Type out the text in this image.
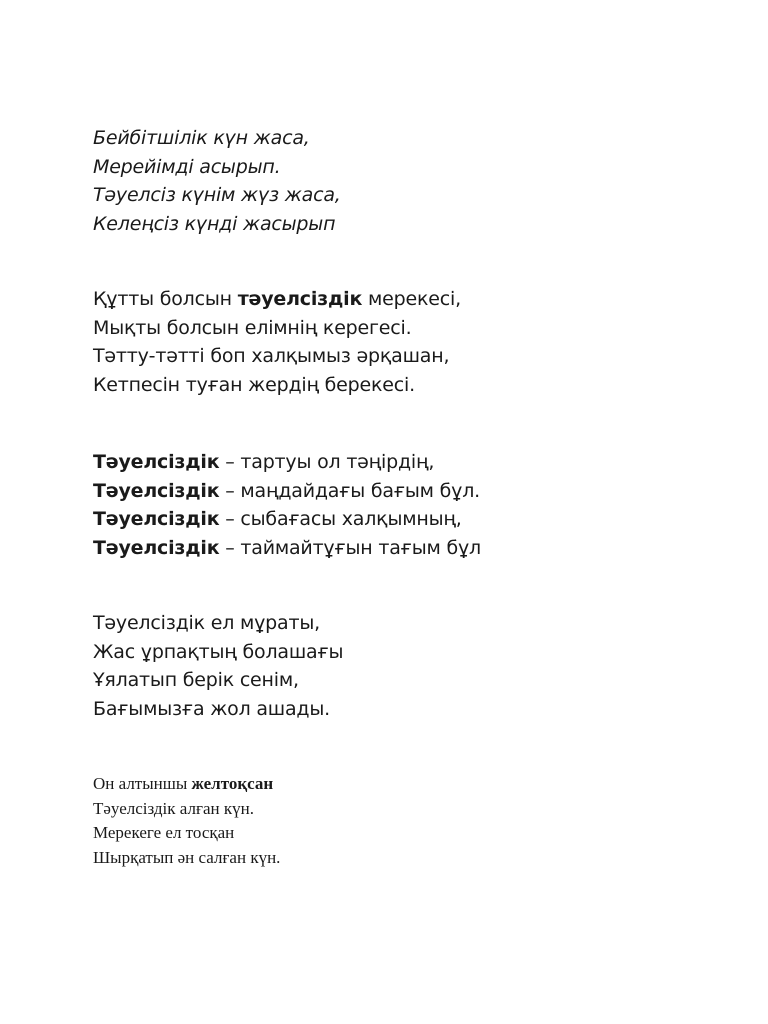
Бейбітшілік күн жаса,
Мерейімді асырып.
Тәуелсіз күнім жүз жаса,
Келеңсіз күнді жасырып
Құтты болсын тәуелсіздік мерекесі,
Мықты болсын елімнің керегесі.
Тәтту-тәтті боп халқымыз әрқашан,
Кетпесін туған жердің берекесі.
Тәуелсіздік – тартуы ол тәңірдің,
Тәуелсіздік – маңдайдағы бағым бұл.
Тәуелсіздік – сыбағасы халқымның,
Тәуелсіздік – таймайтұғын тағым бұл
Тәуелсіздік ел мұраты,
Жас ұрпақтың болашағы
Ұялатып берік сенім,
Бағымызға жол ашады.
Он алтыншы желтоқсан
Тәуелсіздік алған күн.
Мерекеге ел тосқан
Шырқатып ән салған күн.
